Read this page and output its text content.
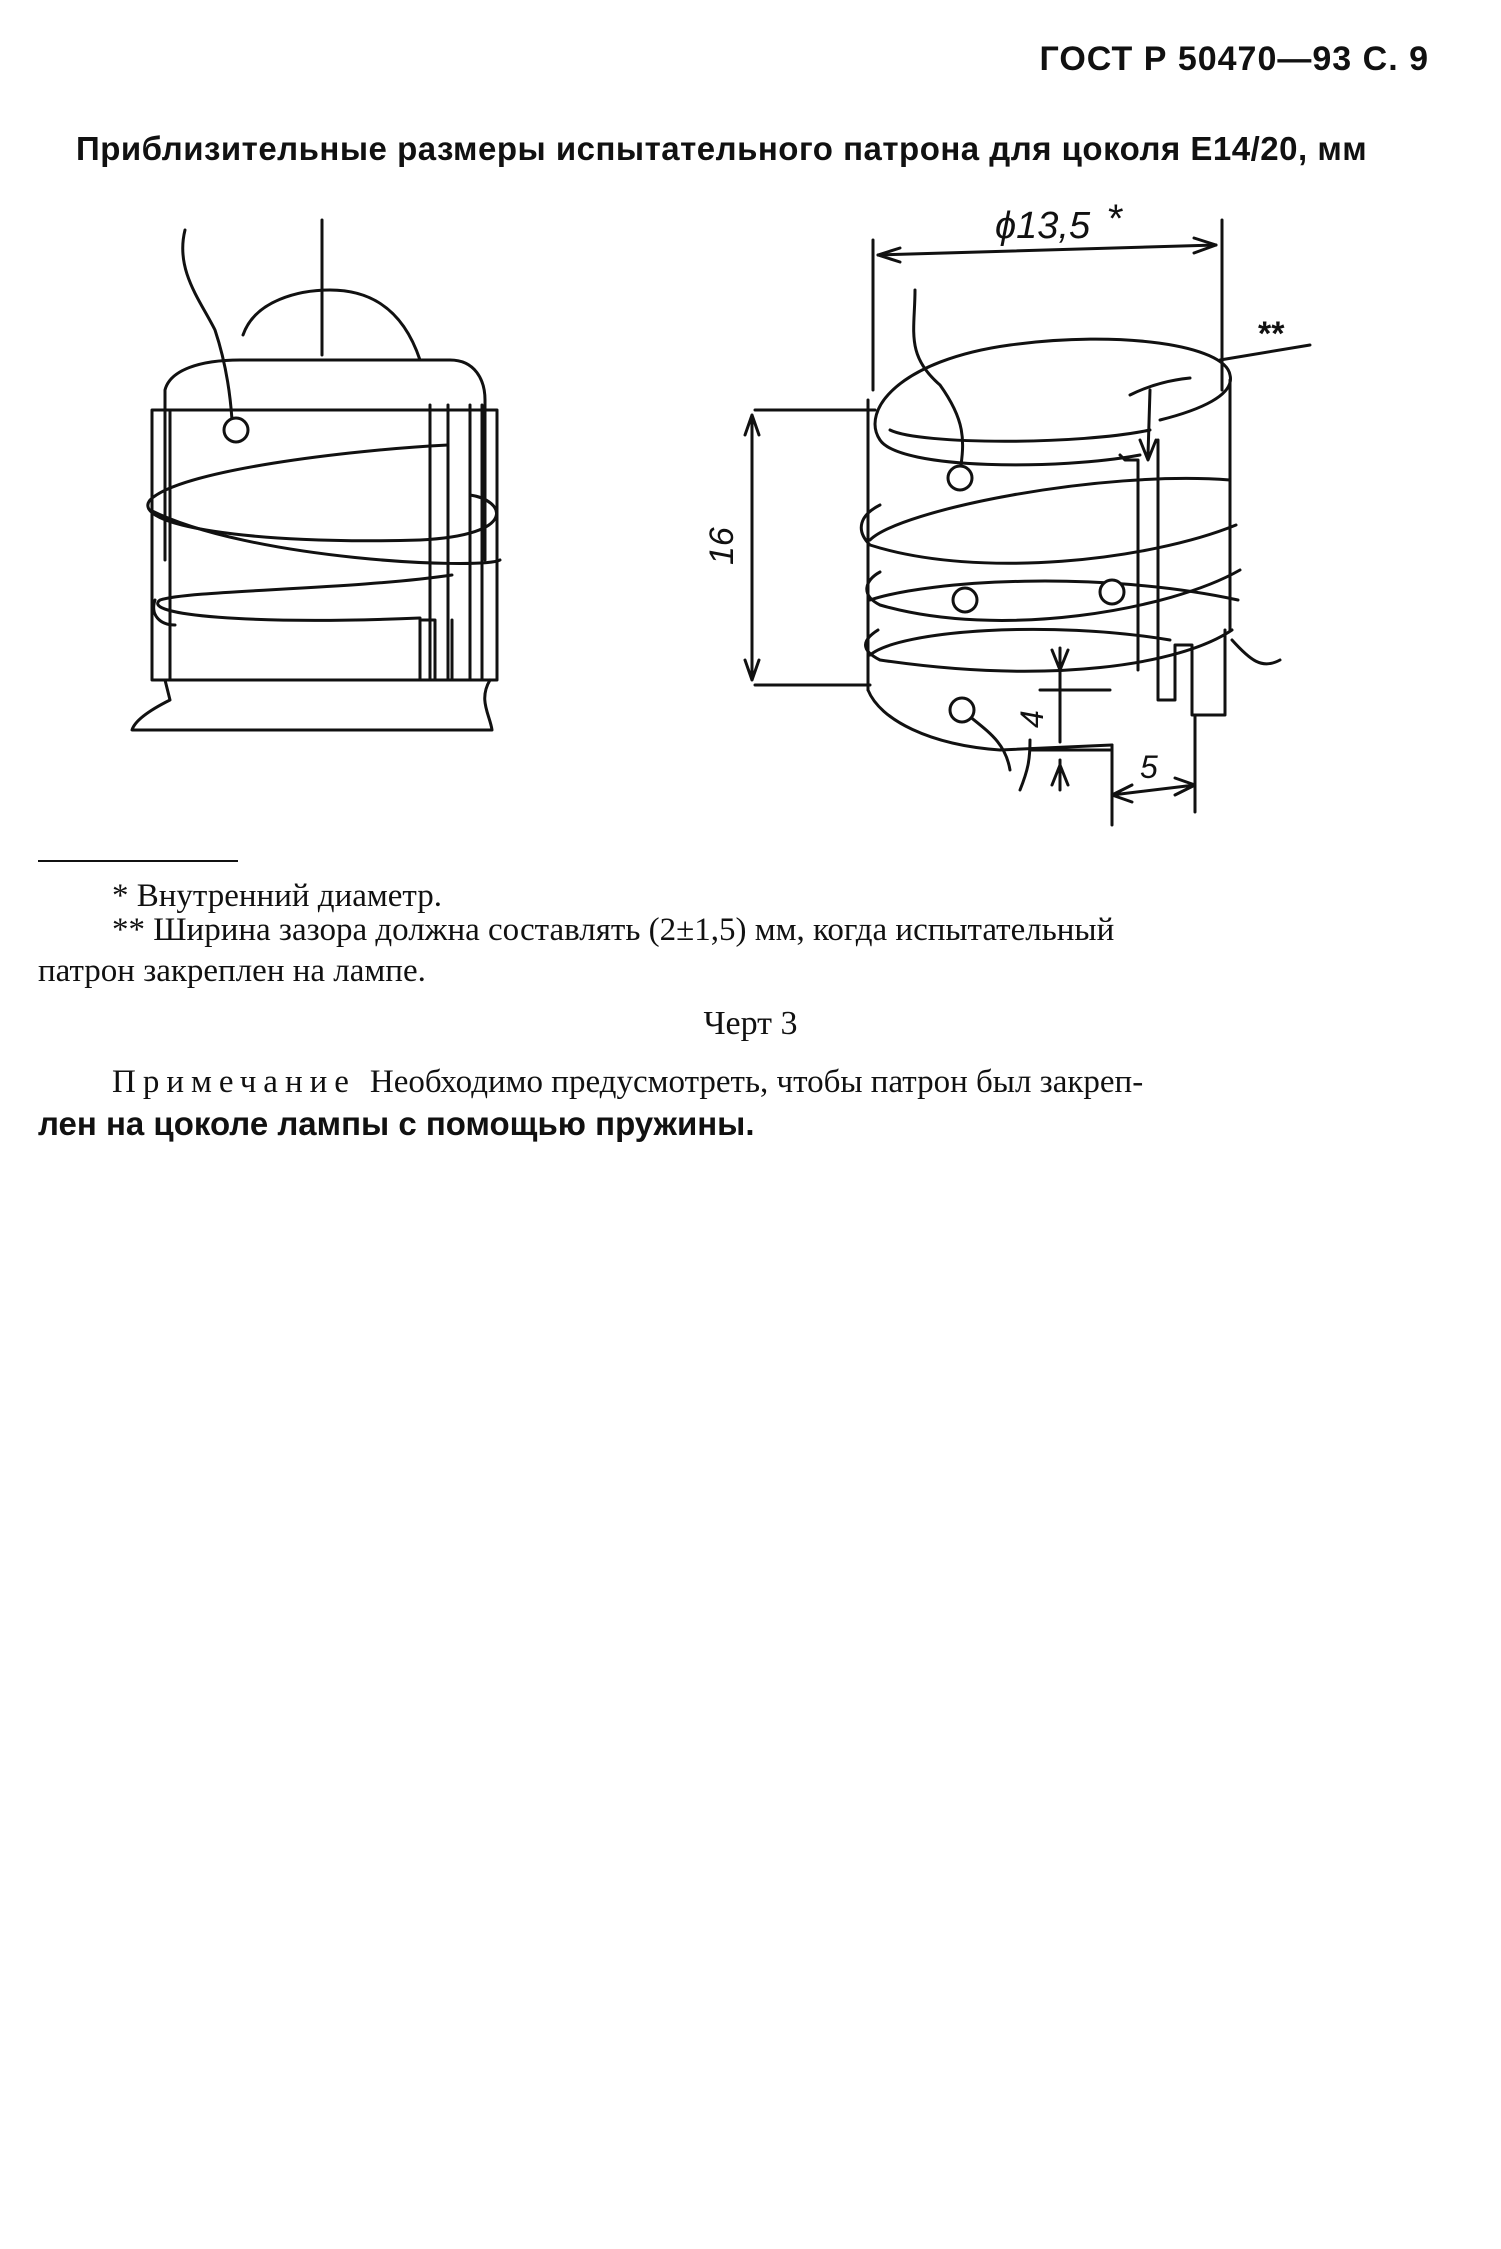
ГОСТ Р 50470—93 С. 9
Приблизительные размеры испытательного патрона для цоколя E14/20, мм
ϕ13,5 *
**
16
4
5
* Внутренний диаметр.
** Ширина зазора должна составлять (2±1,5) мм, когда испытательный
патрон закреплен на лампе.
Черт 3
Примечание Необходимо предусмотреть, чтобы патрон был закреп-
лен на цоколе лампы с помощью пружины.
